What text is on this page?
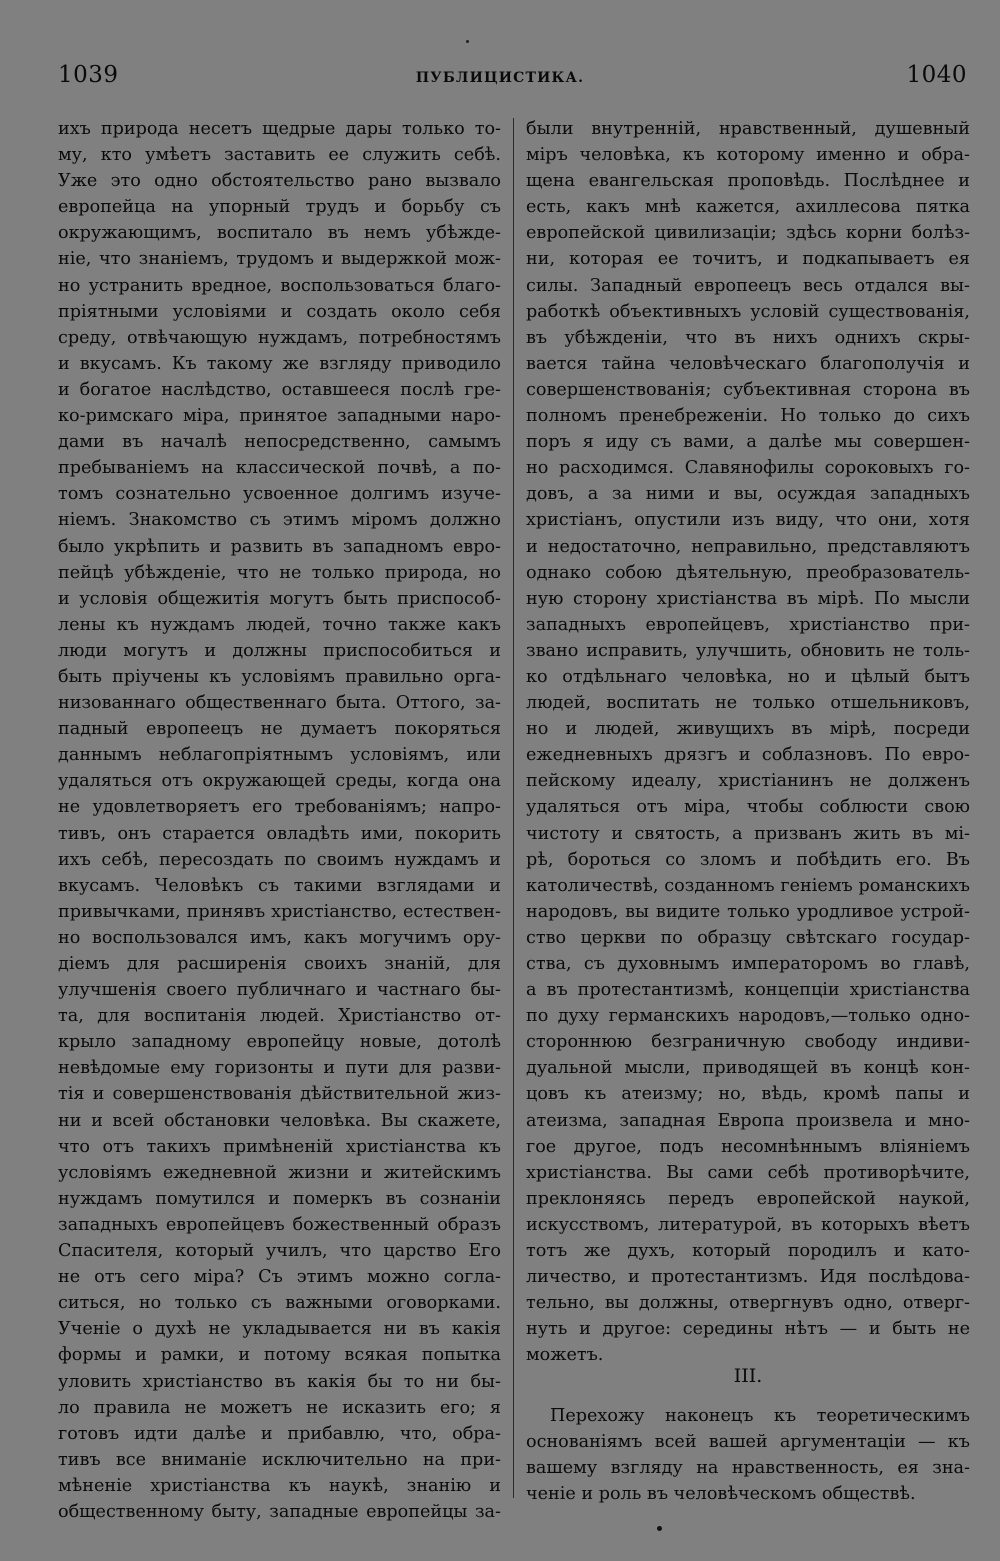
1039	ПУБЛИЦИСТИКА.	1040

ихъ природа несетъ щедрые дары только то-

му, кто умѣетъ заставить ее служить себѣ.

Уже это одно обстоятельство рано вызвало

европейца на упорный трудъ и борьбу съ

окружающимъ, воспитало въ немъ убѣжде-

ніе, что знаніемъ, трудомъ и выдержкой мож-

но устранить вредное, воспользоваться благо-

пріятными условіями и создать около себя

среду, отвѣчающую нуждамъ, потребностямъ

и вкусамъ. Къ такому же взгляду приводило

и богатое наслѣдство, оставшееся послѣ гре-

ко-римскаго міра, принятое западными наро-

дами въ началѣ непосредственно, самымъ

пребываніемъ на классической почвѣ, а по-

томъ сознательно усвоенное долгимъ изуче-

ніемъ. Знакомство съ этимъ міромъ должно

было укрѣпить и развить въ западномъ евро-

пейцѣ убѣжденіе, что не только природа, но

и условія общежитія могутъ быть приспособ-

лены къ нуждамъ людей, точно также какъ

люди могутъ и должны приспособиться и

быть пріучены къ условіямъ правильно орга-

низованнаго общественнаго быта. Оттого, за-

падный европеецъ не думаетъ покоряться

даннымъ неблагопріятнымъ условіямъ, или

удаляться отъ окружающей среды, когда она

не удовлетворяетъ его требованіямъ; напро-

тивъ, онъ старается овладѣть ими, покорить

ихъ себѣ, пересоздать по своимъ нуждамъ и

вкусамъ. Человѣкъ съ такими взглядами и

привычками, принявъ христіанство, естествен-

но воспользовался имъ, какъ могучимъ ору-

діемъ для расширенія своихъ знаній, для

улучшенія своего публичнаго и частнаго бы-

та, для воспитанія людей. Христіанство от-

крыло западному европейцу новые, дотолѣ

невѣдомые ему горизонты и пути для разви-

тія и совершенствованія дѣйствительной жиз-

ни и всей обстановки человѣка. Вы скажете,

что отъ такихъ примѣненій христіанства къ

условіямъ ежедневной жизни и житейскимъ

нуждамъ помутился и померкъ въ сознаніи

западныхъ европейцевъ божественный образъ

Спасителя, который училъ, что царство Его

не отъ сего міра? Съ этимъ можно согла-

ситься, но только съ важными оговорками.

Ученіе о духѣ не укладывается ни въ какія

формы и рамки, и потому всякая попытка

уловить христіанство въ какія бы то ни бы-

ло правила не можетъ не исказить его; я

готовъ идти далѣе и прибавлю, что, обра-

тивъ все вниманіе исключительно на при-

мѣненіе христіанства къ наукѣ, знанію и

общественному быту, западные европейцы за-

были внутренній, нравственный, душевный

міръ человѣка, къ которому именно и обра-

щена евангельская проповѣдь. Послѣднее и

есть, какъ мнѣ кажется, ахиллесова пятка

европейской цивилизаціи; здѣсь корни болѣз-

ни, которая ее точитъ, и подкапываетъ ея

силы. Западный европеецъ весь отдался вы-

работкѣ объективныхъ условій существованія,

въ убѣжденіи, что въ нихъ однихъ скры-

вается тайна человѣческаго благополучія и

совершенствованія; субъективная сторона въ

полномъ пренебреженіи. Но только до сихъ

поръ я иду съ вами, а далѣе мы совершен-

но расходимся. Славянофилы сороковыхъ го-

довъ, а за ними и вы, осуждая западныхъ

христіанъ, опустили изъ виду, что они, хотя

и недостаточно, неправильно, представляютъ

однако собою дѣятельную, преобразователь-

ную сторону христіанства въ мірѣ. По мысли

западныхъ европейцевъ, христіанство при-

звано исправить, улучшить, обновить не толь-

ко отдѣльнаго человѣка, но и цѣлый бытъ

людей, воспитать не только отшельниковъ,

но и людей, живущихъ въ мірѣ, посреди

ежедневныхъ дрязгъ и соблазновъ. По евро-

пейскому идеалу, христіанинъ не долженъ

удаляться отъ міра, чтобы соблюсти свою

чистоту и святость, а призванъ жить въ мі-

рѣ, бороться со зломъ и побѣдить его. Въ

католичествѣ, созданномъ геніемъ романскихъ

народовъ, вы видите только уродливое устрой-

ство церкви по образцу свѣтскаго государ-

ства, съ духовнымъ императоромъ во главѣ,

а въ протестантизмѣ, концепціи христіанства

по духу германскихъ народовъ,—только одно-

стороннюю безграничную свободу индиви-

дуальной мысли, приводящей въ концѣ кон-

цовъ къ атеизму; но, вѣдь, кромѣ папы и

атеизма, западная Европа произвела и мно-

гое другое, подъ несомнѣннымъ вліяніемъ

христіанства. Вы сами себѣ противорѣчите,

преклоняясь передъ европейской наукой,

искусствомъ, литературой, въ которыхъ вѣетъ

тотъ же духъ, который породилъ и като-

личество, и протестантизмъ. Идя послѣдова-

тельно, вы должны, отвергнувъ одно, отверг-

нуть и другое: середины нѣтъ — и быть не

можетъ.

III.

Перехожу наконецъ къ теоретическимъ

основаніямъ всей вашей аргументаціи — къ

вашему взгляду на нравственность, ея зна-

ченіе и роль въ человѣческомъ обществѣ.
